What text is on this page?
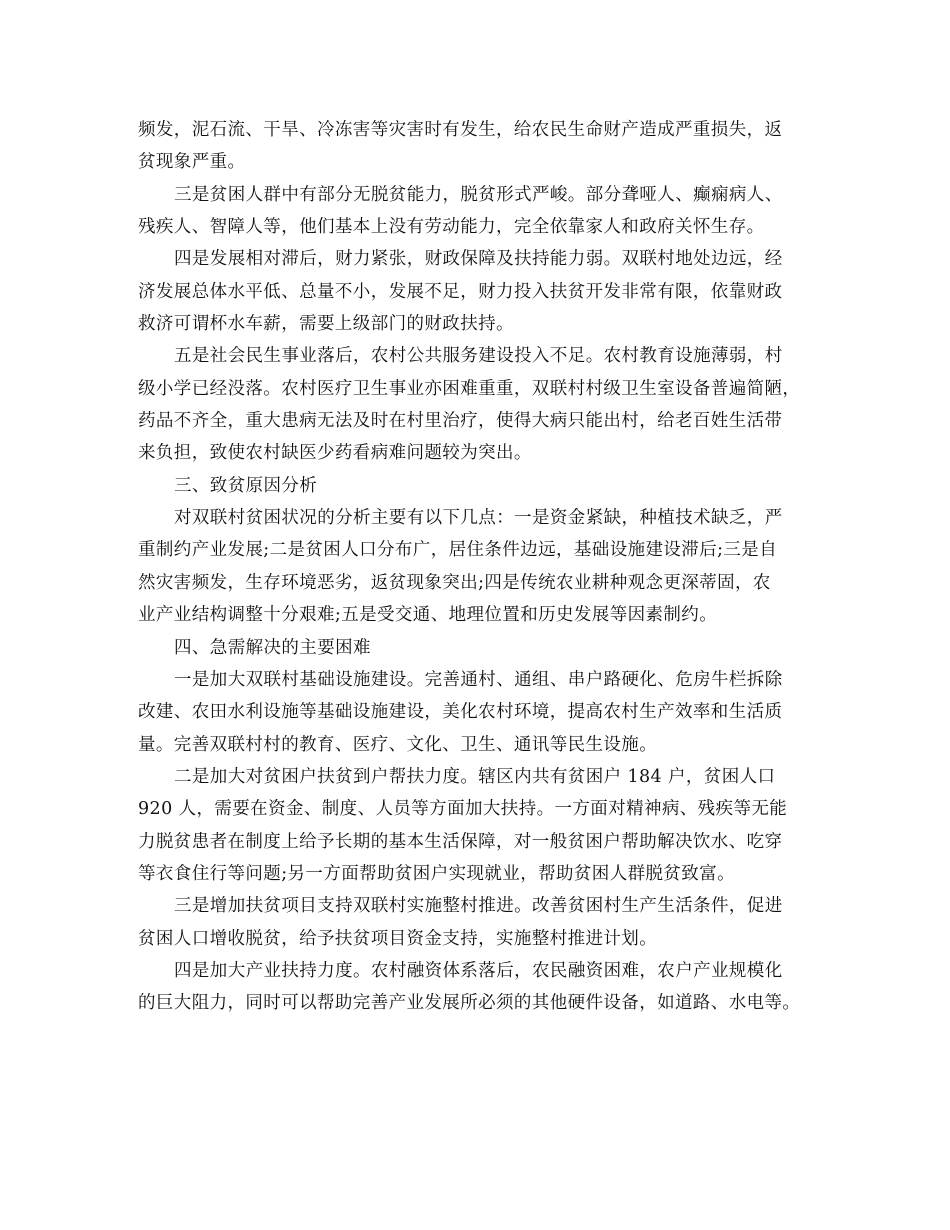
频发，泥石流、干旱、冷冻害等灾害时有发生，给农民生命财产造成严重损失，返
贫现象严重。
三是贫困人群中有部分无脱贫能力，脱贫形式严峻。部分聋哑人、癫痫病人、
残疾人、智障人等，他们基本上没有劳动能力，完全依靠家人和政府关怀生存。
四是发展相对滞后，财力紧张，财政保障及扶持能力弱。双联村地处边远，经
济发展总体水平低、总量不小，发展不足，财力投入扶贫开发非常有限，依靠财政
救济可谓杯水车薪，需要上级部门的财政扶持。
五是社会民生事业落后，农村公共服务建设投入不足。农村教育设施薄弱，村
级小学已经没落。农村医疗卫生事业亦困难重重，双联村村级卫生室设备普遍简陋，
药品不齐全，重大患病无法及时在村里治疗，使得大病只能出村，给老百姓生活带
来负担，致使农村缺医少药看病难问题较为突出。
三、致贫原因分析
对双联村贫困状况的分析主要有以下几点：一是资金紧缺，种植技术缺乏，严
重制约产业发展;二是贫困人口分布广，居住条件边远，基础设施建设滞后;三是自
然灾害频发，生存环境恶劣，返贫现象突出;四是传统农业耕种观念更深蒂固，农
业产业结构调整十分艰难;五是受交通、地理位置和历史发展等因素制约。
四、急需解决的主要困难
一是加大双联村基础设施建设。完善通村、通组、串户路硬化、危房牛栏拆除
改建、农田水利设施等基础设施建设，美化农村环境，提高农村生产效率和生活质
量。完善双联村村的教育、医疗、文化、卫生、通讯等民生设施。
二是加大对贫困户扶贫到户帮扶力度。辖区内共有贫困户 184 户，贫困人口
920 人，需要在资金、制度、人员等方面加大扶持。一方面对精神病、残疾等无能
力脱贫患者在制度上给予长期的基本生活保障，对一般贫困户帮助解决饮水、吃穿
等衣食住行等问题;另一方面帮助贫困户实现就业，帮助贫困人群脱贫致富。
三是增加扶贫项目支持双联村实施整村推进。改善贫困村生产生活条件，促进
贫困人口增收脱贫，给予扶贫项目资金支持，实施整村推进计划。
四是加大产业扶持力度。农村融资体系落后，农民融资困难，农户产业规模化
的巨大阻力，同时可以帮助完善产业发展所必须的其他硬件设备，如道路、水电等。
